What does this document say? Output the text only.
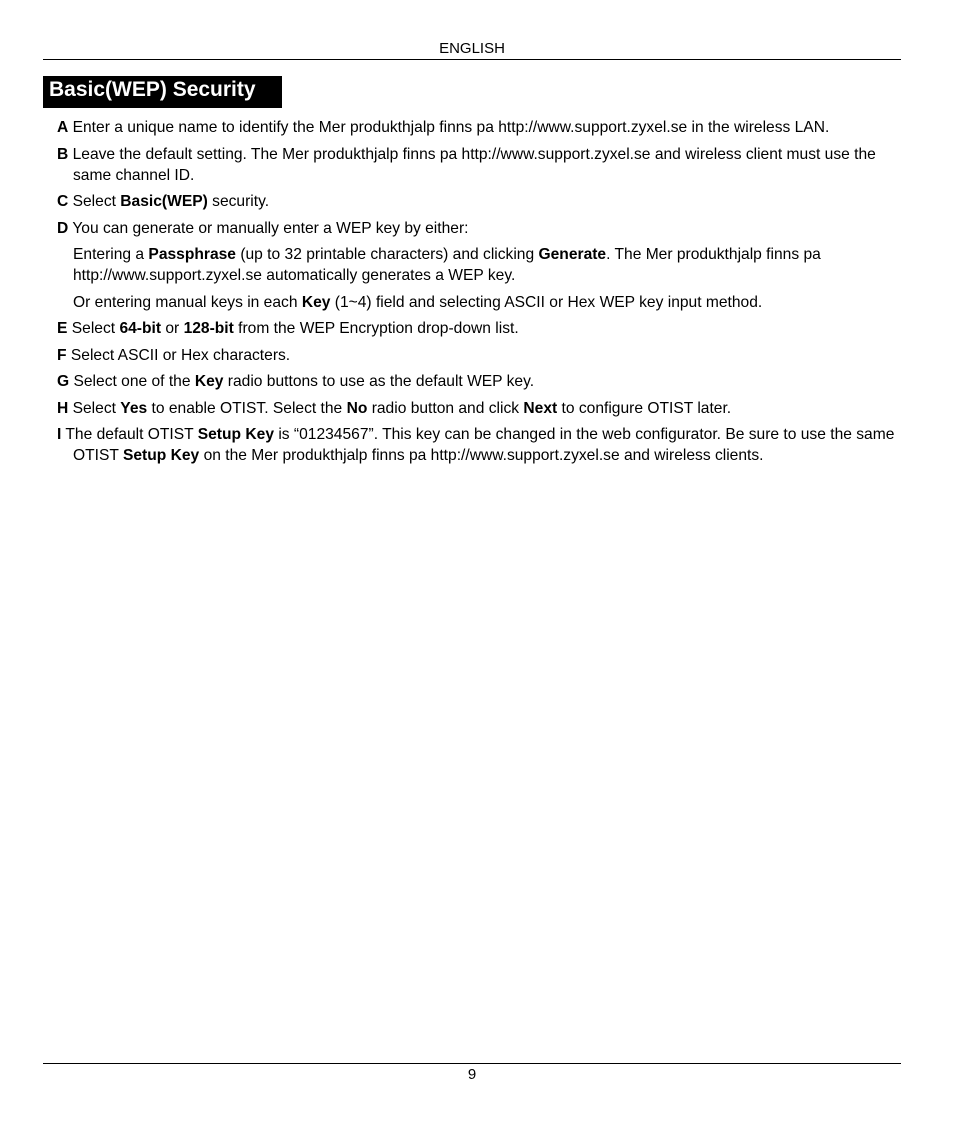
ENGLISH
Basic(WEP) Security

A Enter a unique name to identify the Mer produkthjalp finns pa http://www.support.zyxel.se in the wireless LAN.

B Leave the default setting. The Mer produkthjalp finns pa http://www.support.zyxel.se and wireless client must use the same channel ID.

C Select Basic(WEP) security.

D You can generate or manually enter a WEP key by either:

Entering a Passphrase (up to 32 printable characters) and clicking Generate. The Mer produkthjalp finns pa http://www.support.zyxel.se automatically generates a WEP key.

Or entering manual keys in each Key (1~4) field and selecting ASCII or Hex WEP key input method.

E Select 64-bit or 128-bit from the WEP Encryption drop-down list.

F Select ASCII or Hex characters.

G Select one of the Key radio buttons to use as the default WEP key.

H Select Yes to enable OTIST. Select the No radio button and click Next to configure OTIST later.

I The default OTIST Setup Key is “01234567”. This key can be changed in the web configurator. Be sure to use the same OTIST Setup Key on the Mer produkthjalp finns pa http://www.support.zyxel.se and wireless clients.

9
